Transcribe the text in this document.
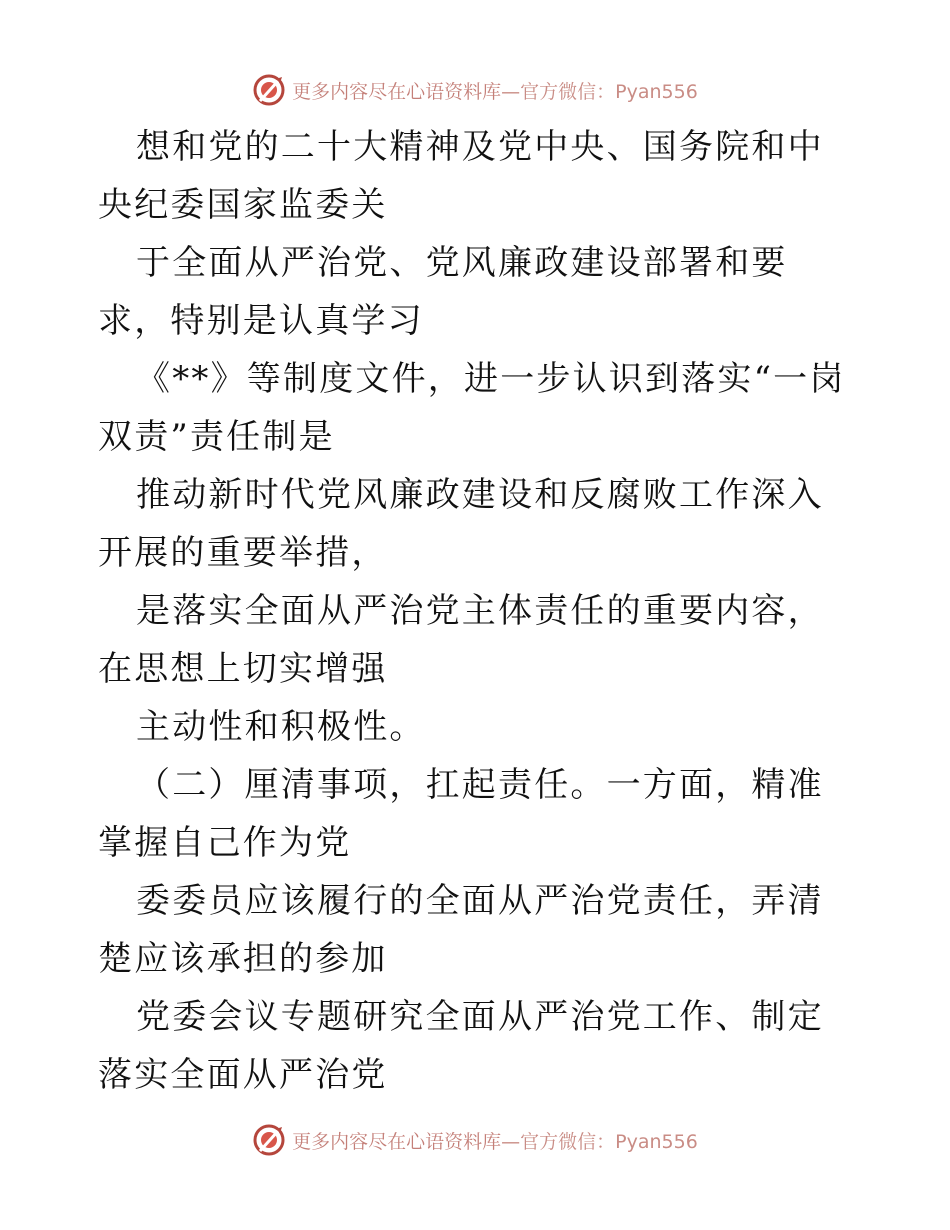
更多内容尽在心语资料库 —官方微信：Pyan556

想和党的二十大精神及党中央、国务院和中央纪委国家监委关

于全面从严治党、党风廉政建设部署和要求，特别是认真学习

《**》等制度文件，进一步认识到落实“一岗双责”责任制是

推动新时代党风廉政建设和反腐败工作深入开展的重要举措，

是落实全面从严治党主体责任的重要内容，在思想上切实增强

主动性和积极性。

（二）厘清事项，扛起责任。一方面，精准掌握自己作为党

委委员应该履行的全面从严治党责任，弄清楚应该承担的参加

党委会议专题研究全面从严治党工作、制定落实全面从严治党

更多内容尽在心语资料库 —官方微信：Pyan556
